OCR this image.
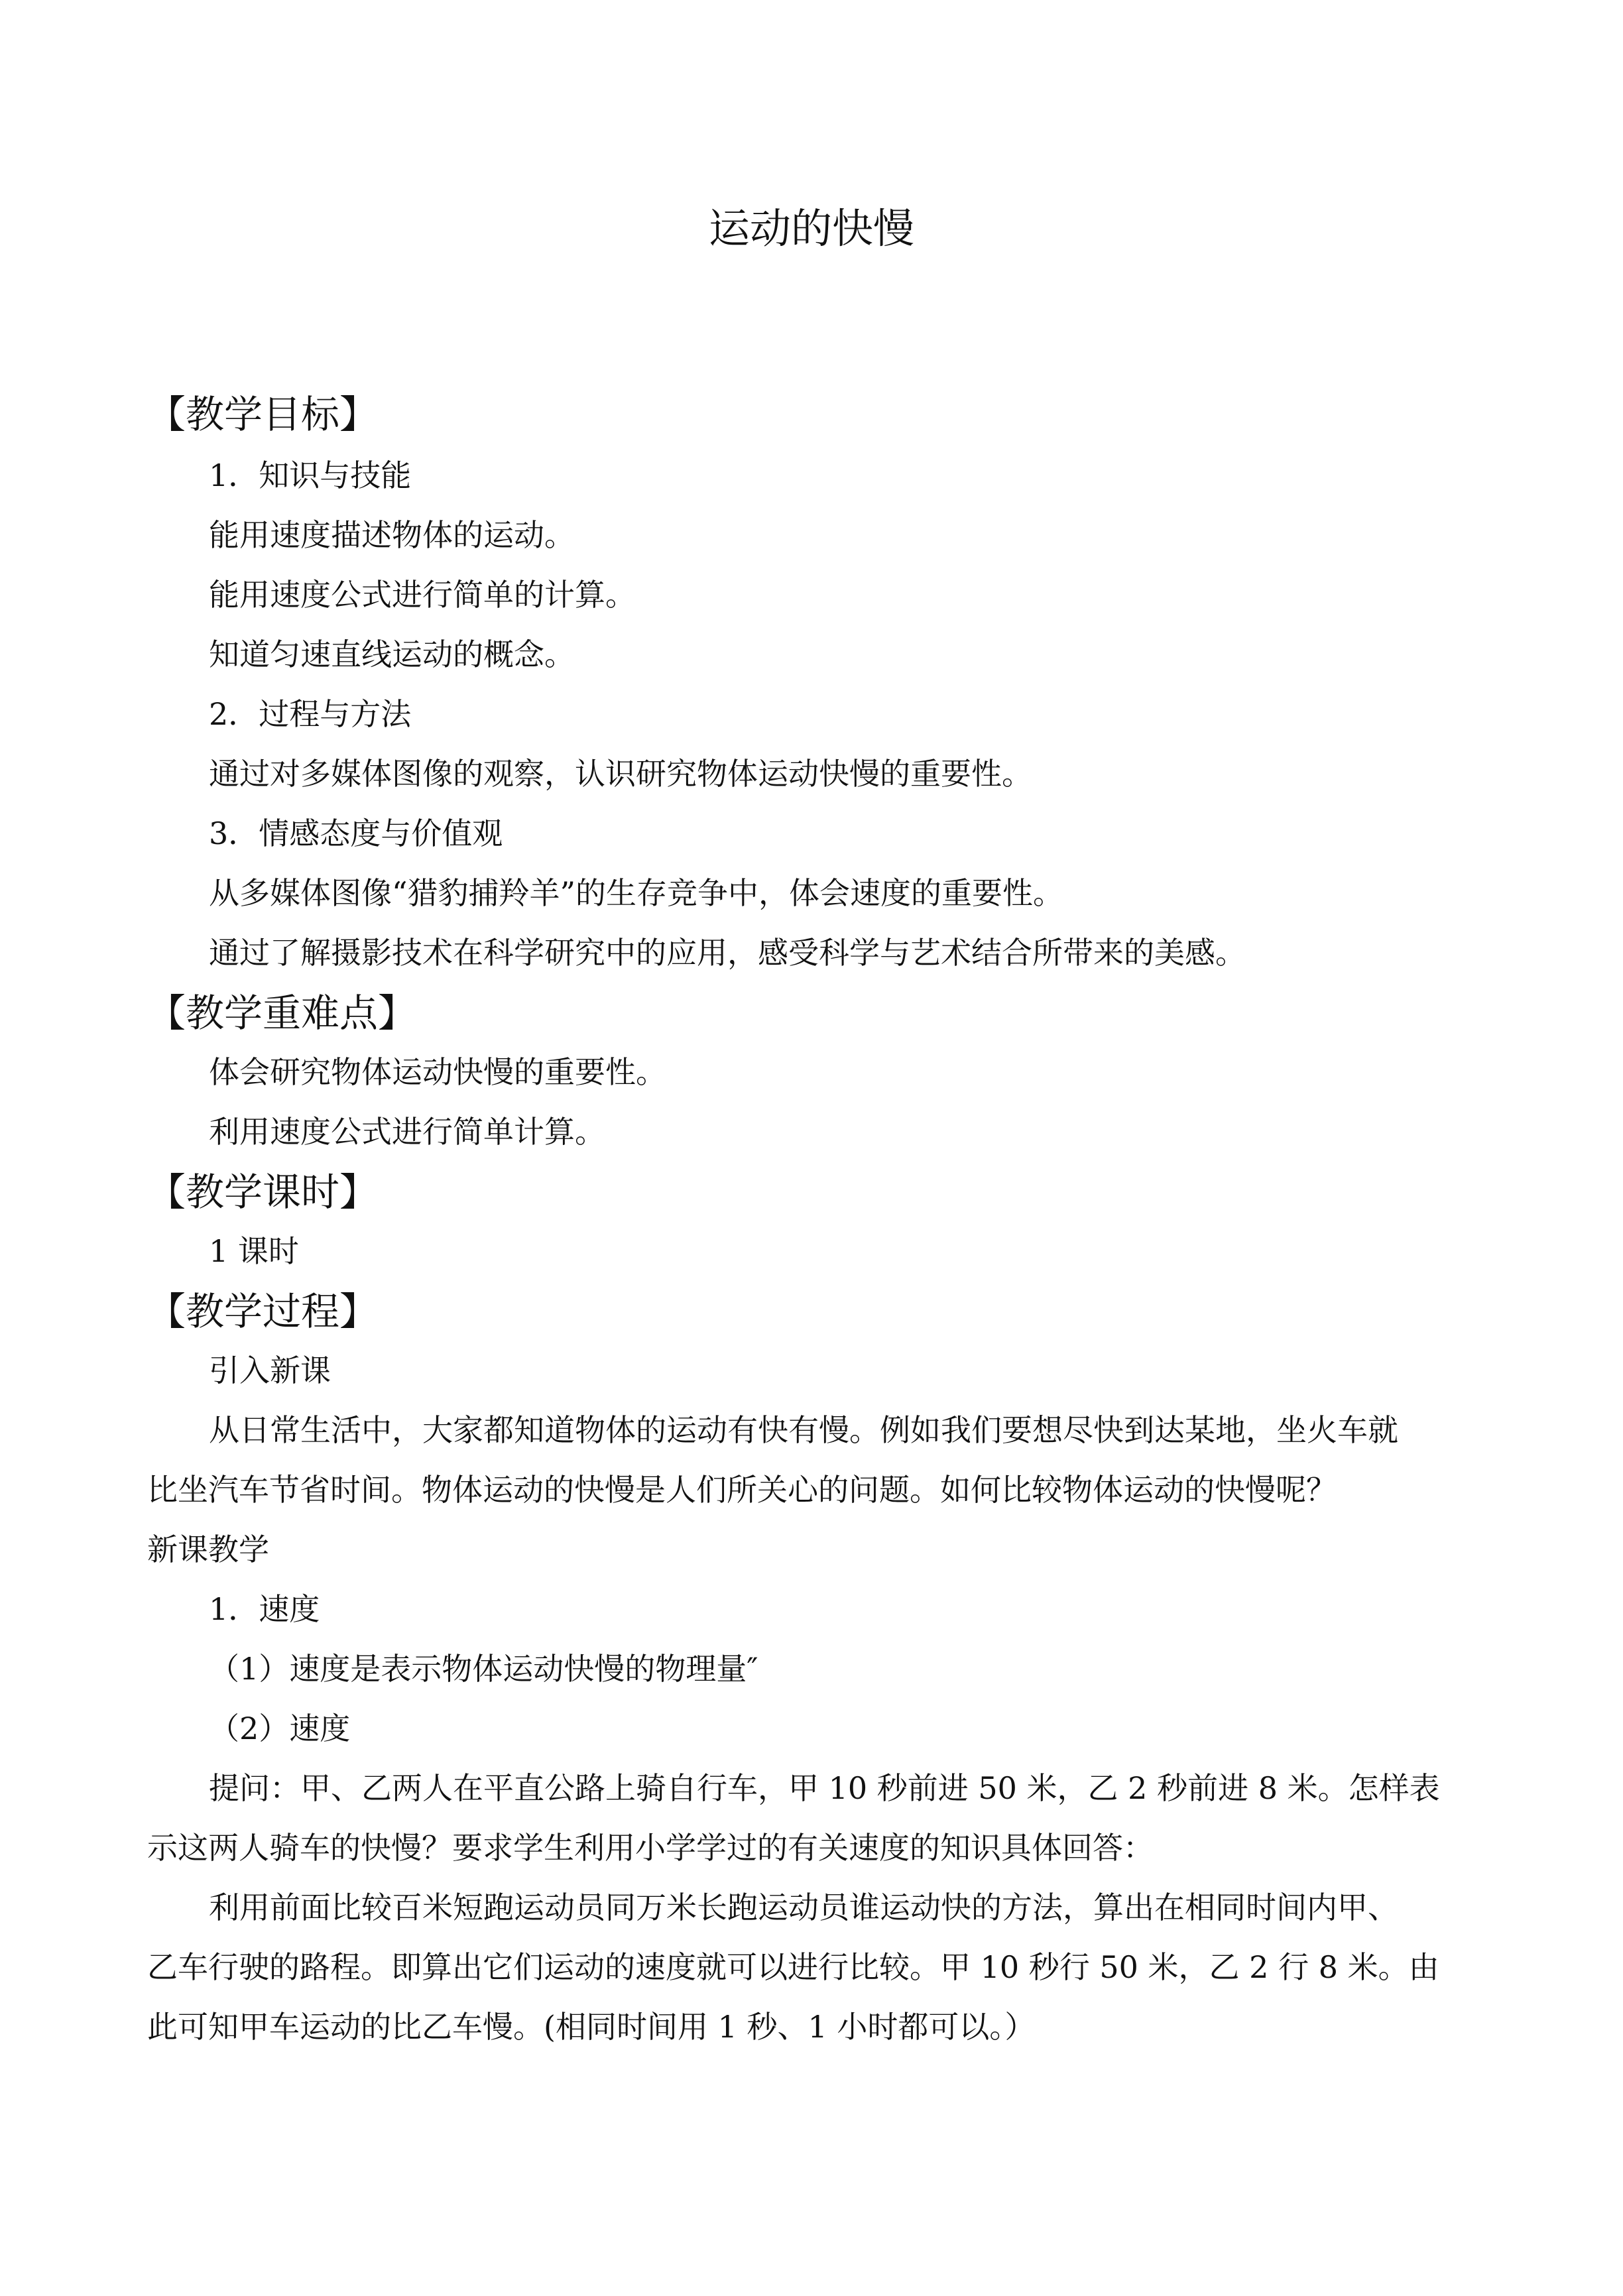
运动的快慢
【教学目标】
1．知识与技能
能用速度描述物体的运动。
能用速度公式进行简单的计算。
知道匀速直线运动的概念。
2．过程与方法
通过对多媒体图像的观察，认识研究物体运动快慢的重要性。
3．情感态度与价值观
从多媒体图像“猎豹捕羚羊”的生存竞争中，体会速度的重要性。
通过了解摄影技术在科学研究中的应用，感受科学与艺术结合所带来的美感。
【教学重难点】
体会研究物体运动快慢的重要性。
利用速度公式进行简单计算。
【教学课时】
1 课时
【教学过程】
引入新课
从日常生活中，大家都知道物体的运动有快有慢。例如我们要想尽快到达某地，坐火车就
比坐汽车节省时间。物体运动的快慢是人们所关心的问题。如何比较物体运动的快慢呢？
新课教学
1．速度
（1）速度是表示物体运动快慢的物理量″
（2）速度
提问：甲、乙两人在平直公路上骑自行车，甲 10 秒前进 50 米，乙 2 秒前进 8 米。怎样表
示这两人骑车的快慢？要求学生利用小学学过的有关速度的知识具体回答：
利用前面比较百米短跑运动员同万米长跑运动员谁运动快的方法，算出在相同时间内甲、
乙车行驶的路程。即算出它们运动的速度就可以进行比较。甲 10 秒行 50 米，乙 2 行 8 米。由
此可知甲车运动的比乙车慢。(相同时间用 1 秒、1 小时都可以。）
